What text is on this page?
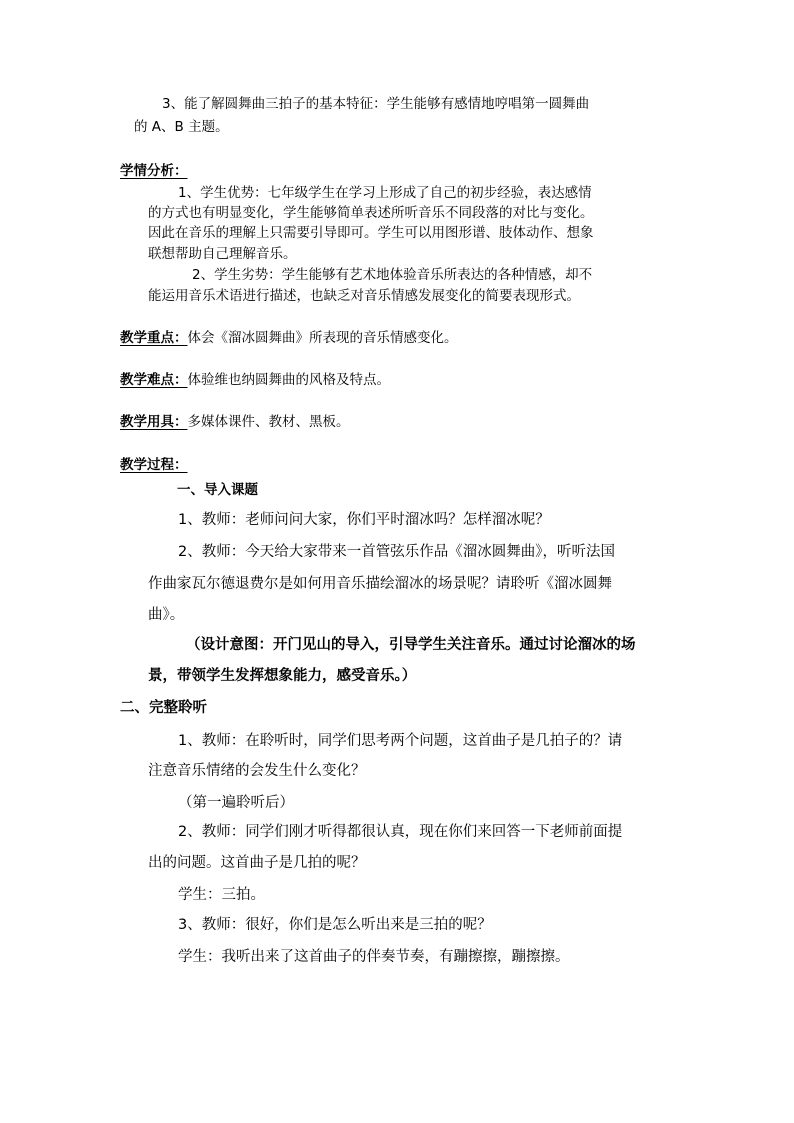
3、能了解圆舞曲三拍子的基本特征：学生能够有感情地哼唱第一圆舞曲
的 A、B 主题。
学情分析：
1、学生优势：七年级学生在学习上形成了自己的初步经验，表达感情
的方式也有明显变化，学生能够简单表述所听音乐不同段落的对比与变化。
因此在音乐的理解上只需要引导即可。学生可以用图形谱、肢体动作、想象
联想帮助自己理解音乐。
2、学生劣势：学生能够有艺术地体验音乐所表达的各种情感，却不
能运用音乐术语进行描述，也缺乏对音乐情感发展变化的简要表现形式。
教学重点：体会《溜冰圆舞曲》所表现的音乐情感变化。
教学难点：体验维也纳圆舞曲的风格及特点。
教学用具：多媒体课件、教材、黑板。
教学过程：
一、导入课题
1、教师：老师问问大家，你们平时溜冰吗？怎样溜冰呢？
2、教师：今天给大家带来一首管弦乐作品《溜冰圆舞曲》，听听法国
作曲家瓦尔德退费尔是如何用音乐描绘溜冰的场景呢？请聆听《溜冰圆舞
曲》。
（设计意图：开门见山的导入，引导学生关注音乐。通过讨论溜冰的场
景，带领学生发挥想象能力，感受音乐。）
二、完整聆听
1、教师：在聆听时，同学们思考两个问题，这首曲子是几拍子的？请
注意音乐情绪的会发生什么变化？
（第一遍聆听后）
2、教师：同学们刚才听得都很认真，现在你们来回答一下老师前面提
出的问题。这首曲子是几拍的呢？
学生：三拍。
3、教师：很好，你们是怎么听出来是三拍的呢？
学生：我听出来了这首曲子的伴奏节奏，有蹦擦擦，蹦擦擦。
